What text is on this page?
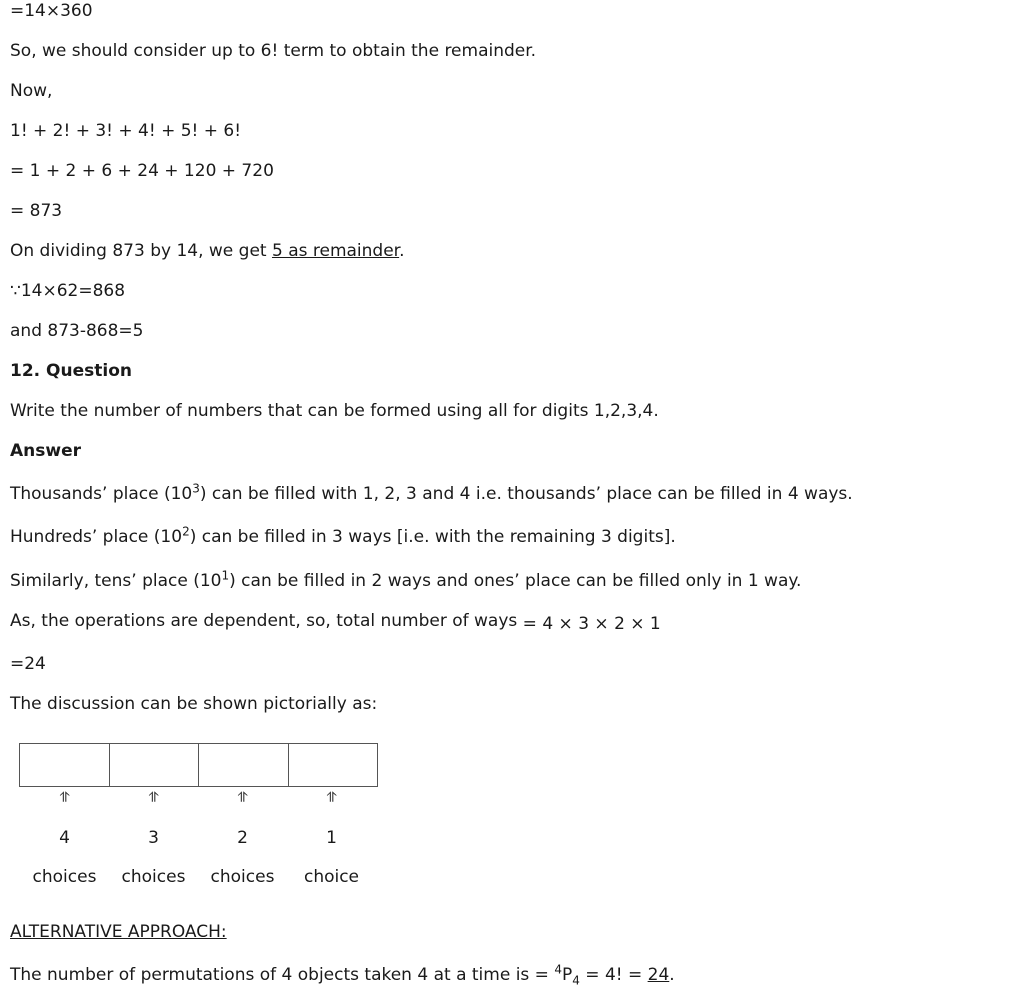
=14×360
So, we should consider up to 6! term to obtain the remainder.
Now,
1! + 2! + 3! + 4! + 5! + 6!
= 1 + 2 + 6 + 24 + 120 + 720
= 873
On dividing 873 by 14, we get 5 as remainder.
∵14×62=868
and 873-868=5
12. Question
Write the number of numbers that can be formed using all for digits 1,2,3,4.
Answer
Thousands’ place $(10^3)$ can be filled with 1, 2, 3 and 4 i.e. thousands’ place can be filled in 4 ways.
Hundreds’ place $(10^2)$ can be filled in 3 ways [i.e. with the remaining 3 digits].
Similarly, tens’ place $(10^1)$ can be filled in 2 ways and ones’ place can be filled only in 1 way.
As, the operations are dependent, so, total number of ways = 4 × 3 × 2 × 1
=24
The discussion can be shown pictorially as:
⥣	⥣	⥣	⥣
4	3	2	1
choices	choices	choices	choice
ALTERNATIVE APPROACH:
The number of permutations of 4 objects taken 4 at a time is = $^4P_4 = 4$! = 24.
